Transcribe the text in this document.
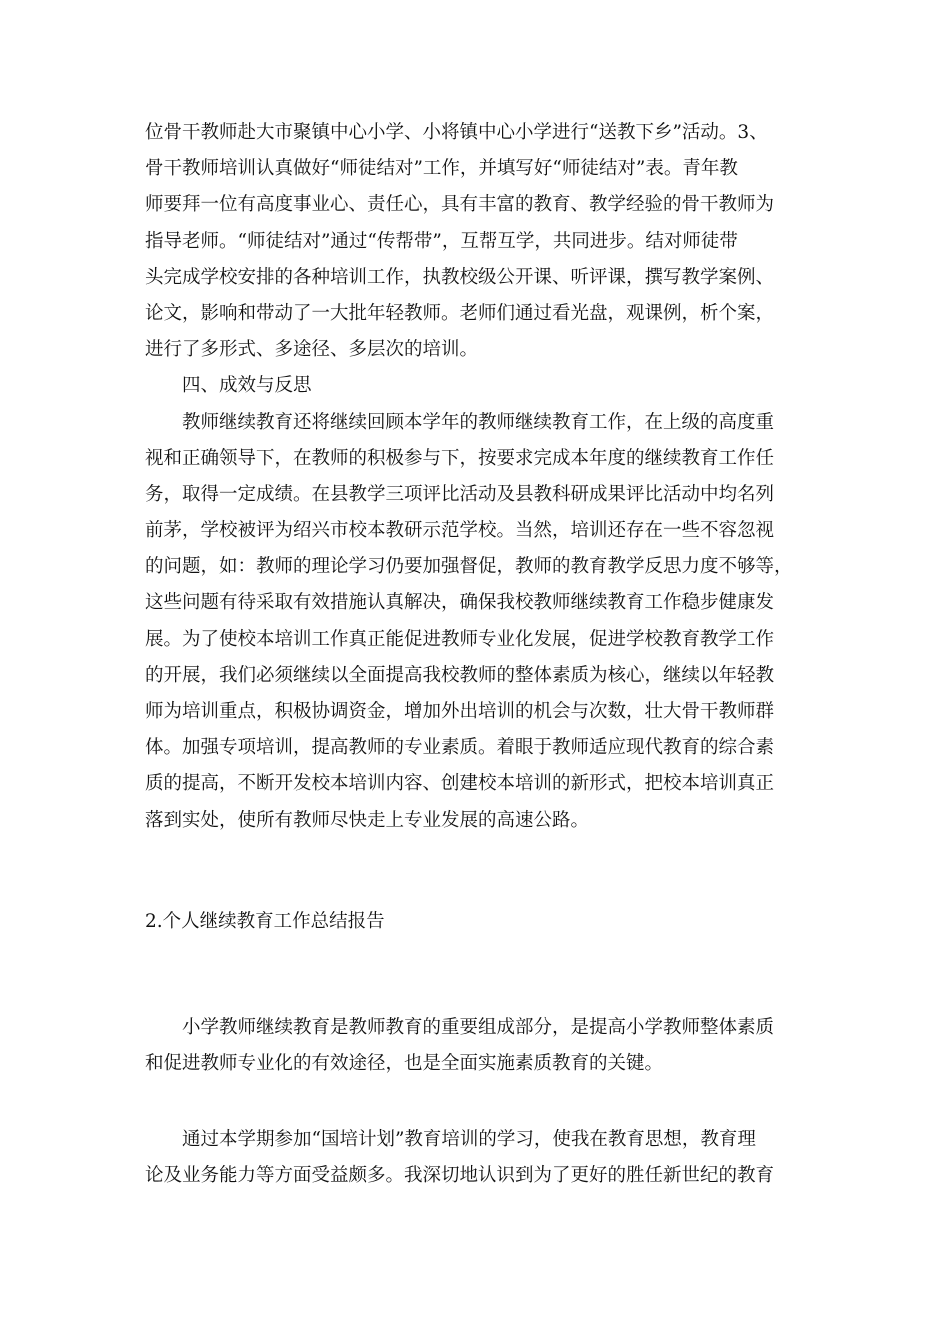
位骨干教师赴大市聚镇中心小学、小将镇中心小学进行“送教下乡”活动。3、
骨干教师培训认真做好“师徒结对”工作，并填写好“师徒结对”表。青年教
师要拜一位有高度事业心、责任心，具有丰富的教育、教学经验的骨干教师为
指导老师。“师徒结对”通过“传帮带”，互帮互学，共同进步。结对师徒带
头完成学校安排的各种培训工作，执教校级公开课、听评课，撰写教学案例、
论文，影响和带动了一大批年轻教师。老师们通过看光盘，观课例，析个案，
进行了多形式、多途径、多层次的培训。
四、成效与反思
教师继续教育还将继续回顾本学年的教师继续教育工作，在上级的高度重
视和正确领导下，在教师的积极参与下，按要求完成本年度的继续教育工作任
务，取得一定成绩。在县教学三项评比活动及县教科研成果评比活动中均名列
前茅，学校被评为绍兴市校本教研示范学校。当然，培训还存在一些不容忽视
的问题，如：教师的理论学习仍要加强督促，教师的教育教学反思力度不够等，
这些问题有待采取有效措施认真解决，确保我校教师继续教育工作稳步健康发
展。为了使校本培训工作真正能促进教师专业化发展，促进学校教育教学工作
的开展，我们必须继续以全面提高我校教师的整体素质为核心，继续以年轻教
师为培训重点，积极协调资金，增加外出培训的机会与次数，壮大骨干教师群
体。加强专项培训，提高教师的专业素质。着眼于教师适应现代教育的综合素
质的提高，不断开发校本培训内容、创建校本培训的新形式，把校本培训真正
落到实处，使所有教师尽快走上专业发展的高速公路。
2.个人继续教育工作总结报告
小学教师继续教育是教师教育的重要组成部分，是提高小学教师整体素质
和促进教师专业化的有效途径，也是全面实施素质教育的关键。
通过本学期参加“国培计划”教育培训的学习，使我在教育思想，教育理
论及业务能力等方面受益颇多。我深切地认识到为了更好的胜任新世纪的教育
